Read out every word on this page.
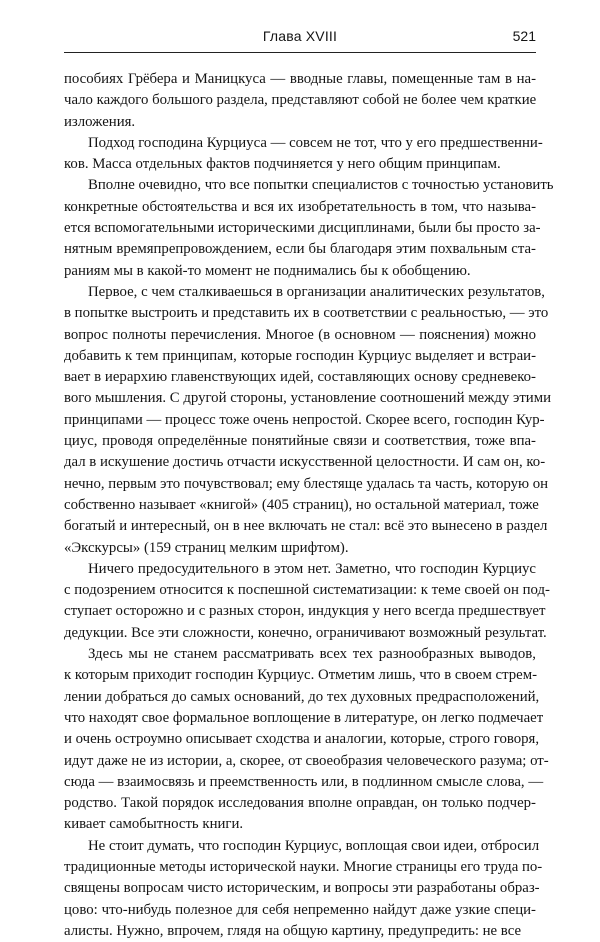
Глава XVIII	521
пособиях Грёбера и Маницкуса — вводные главы, помещенные там в на-
чало каждого большого раздела, представляют собой не более чем краткие
изложения.
Подход господина Курциуса — совсем не тот, что у его предшественни-
ков. Масса отдельных фактов подчиняется у него общим принципам.
Вполне очевидно, что все попытки специалистов с точностью установить
конкретные обстоятельства и вся их изобретательность в том, что называ-
ется вспомогательными историческими дисциплинами, были бы просто за-
нятным времяпрепровождением, если бы благодаря этим похвальным ста-
раниям мы в какой-то момент не поднимались бы к обобщению.
Первое, с чем сталкиваешься в организации аналитических результатов,
в попытке выстроить и представить их в соответствии с реальностью, — это
вопрос полноты перечисления. Многое (в основном — пояснения) можно
добавить к тем принципам, которые господин Курциус выделяет и встраи-
вает в иерархию главенствующих идей, составляющих основу средневеко-
вого мышления. С другой стороны, установление соотношений между этими
принципами — процесс тоже очень непростой. Скорее всего, господин Кур-
циус, проводя определённые понятийные связи и соответствия, тоже впа-
дал в искушение достичь отчасти искусственной целостности. И сам он, ко-
нечно, первым это почувствовал; ему блестяще удалась та часть, которую он
собственно называет «книгой» (405 страниц), но остальной материал, тоже
богатый и интересный, он в нее включать не стал: всё это вынесено в раздел
«Экскурсы» (159 страниц мелким шрифтом).
Ничего предосудительного в этом нет. Заметно, что господин Курциус
с подозрением относится к поспешной систематизации: к теме своей он под-
ступает осторожно и с разных сторон, индукция у него всегда предшествует
дедукции. Все эти сложности, конечно, ограничивают возможный результат.
Здесь мы не станем рассматривать всех тех разнообразных выводов,
к которым приходит господин Курциус. Отметим лишь, что в своем стрем-
лении добраться до самых оснований, до тех духовных предрасположений,
что находят свое формальное воплощение в литературе, он легко подмечает
и очень остроумно описывает сходства и аналогии, которые, строго говоря,
идут даже не из истории, а, скорее, от своеобразия человеческого разума; от-
сюда — взаимосвязь и преемственность или, в подлинном смысле слова, —
родство. Такой порядок исследования вполне оправдан, он только подчер-
кивает самобытность книги.
Не стоит думать, что господин Курциус, воплощая свои идеи, отбросил
традиционные методы исторической науки. Многие страницы его труда по-
священы вопросам чисто историческим, и вопросы эти разработаны образ-
цово: что-нибудь полезное для себя непременно найдут даже узкие специ-
алисты. Нужно, впрочем, глядя на общую картину, предупредить: не все
